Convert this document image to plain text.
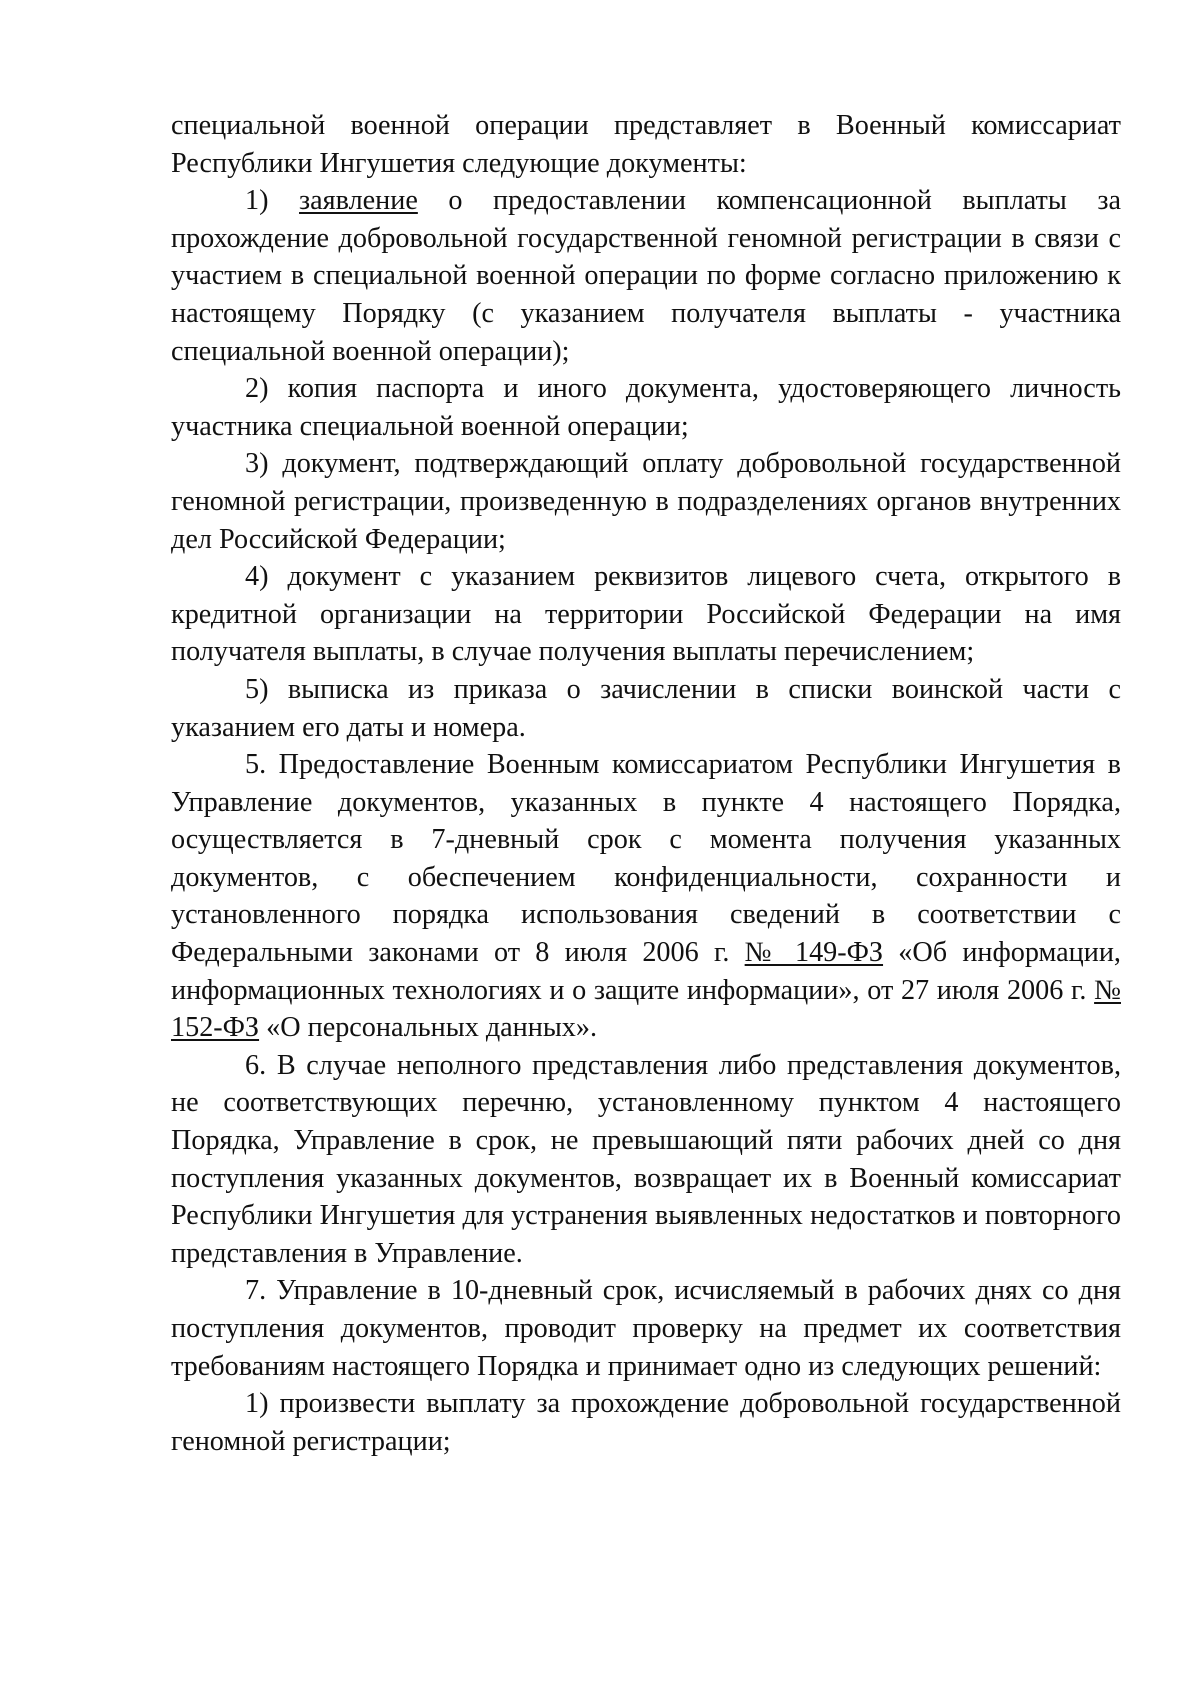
специальной военной операции представляет в Военный комиссариат Республики Ингушетия следующие документы:

1) заявление о предоставлении компенсационной выплаты за прохождение добровольной государственной геномной регистрации в связи с участием в специальной военной операции по форме согласно приложению к настоящему Порядку (с указанием получателя выплаты - участника специальной военной операции);

2) копия паспорта и иного документа, удостоверяющего личность участника специальной военной операции;

3) документ, подтверждающий оплату добровольной государственной геномной регистрации, произведенную в подразделениях органов внутренних дел Российской Федерации;

4) документ с указанием реквизитов лицевого счета, открытого в кредитной организации на территории Российской Федерации на имя получателя выплаты, в случае получения выплаты перечислением;

5) выписка из приказа о зачислении в списки воинской части с указанием его даты и номера.

5. Предоставление Военным комиссариатом Республики Ингушетия в Управление документов, указанных в пункте 4 настоящего Порядка, осуществляется в 7-дневный срок с момента получения указанных документов, с обеспечением конфиденциальности, сохранности и установленного порядка использования сведений в соответствии с Федеральными законами от 8 июля 2006 г. № 149-ФЗ «Об информации, информационных технологиях и о защите информации», от 27 июля 2006 г. № 152-ФЗ «О персональных данных».

6. В случае неполного представления либо представления документов, не соответствующих перечню, установленному пунктом 4 настоящего Порядка, Управление в срок, не превышающий пяти рабочих дней со дня поступления указанных документов, возвращает их в Военный комиссариат Республики Ингушетия для устранения выявленных недостатков и повторного представления в Управление.

7. Управление в 10-дневный срок, исчисляемый в рабочих днях со дня поступления документов, проводит проверку на предмет их соответствия требованиям настоящего Порядка и принимает одно из следующих решений:

1) произвести выплату за прохождение добровольной государственной геномной регистрации;
